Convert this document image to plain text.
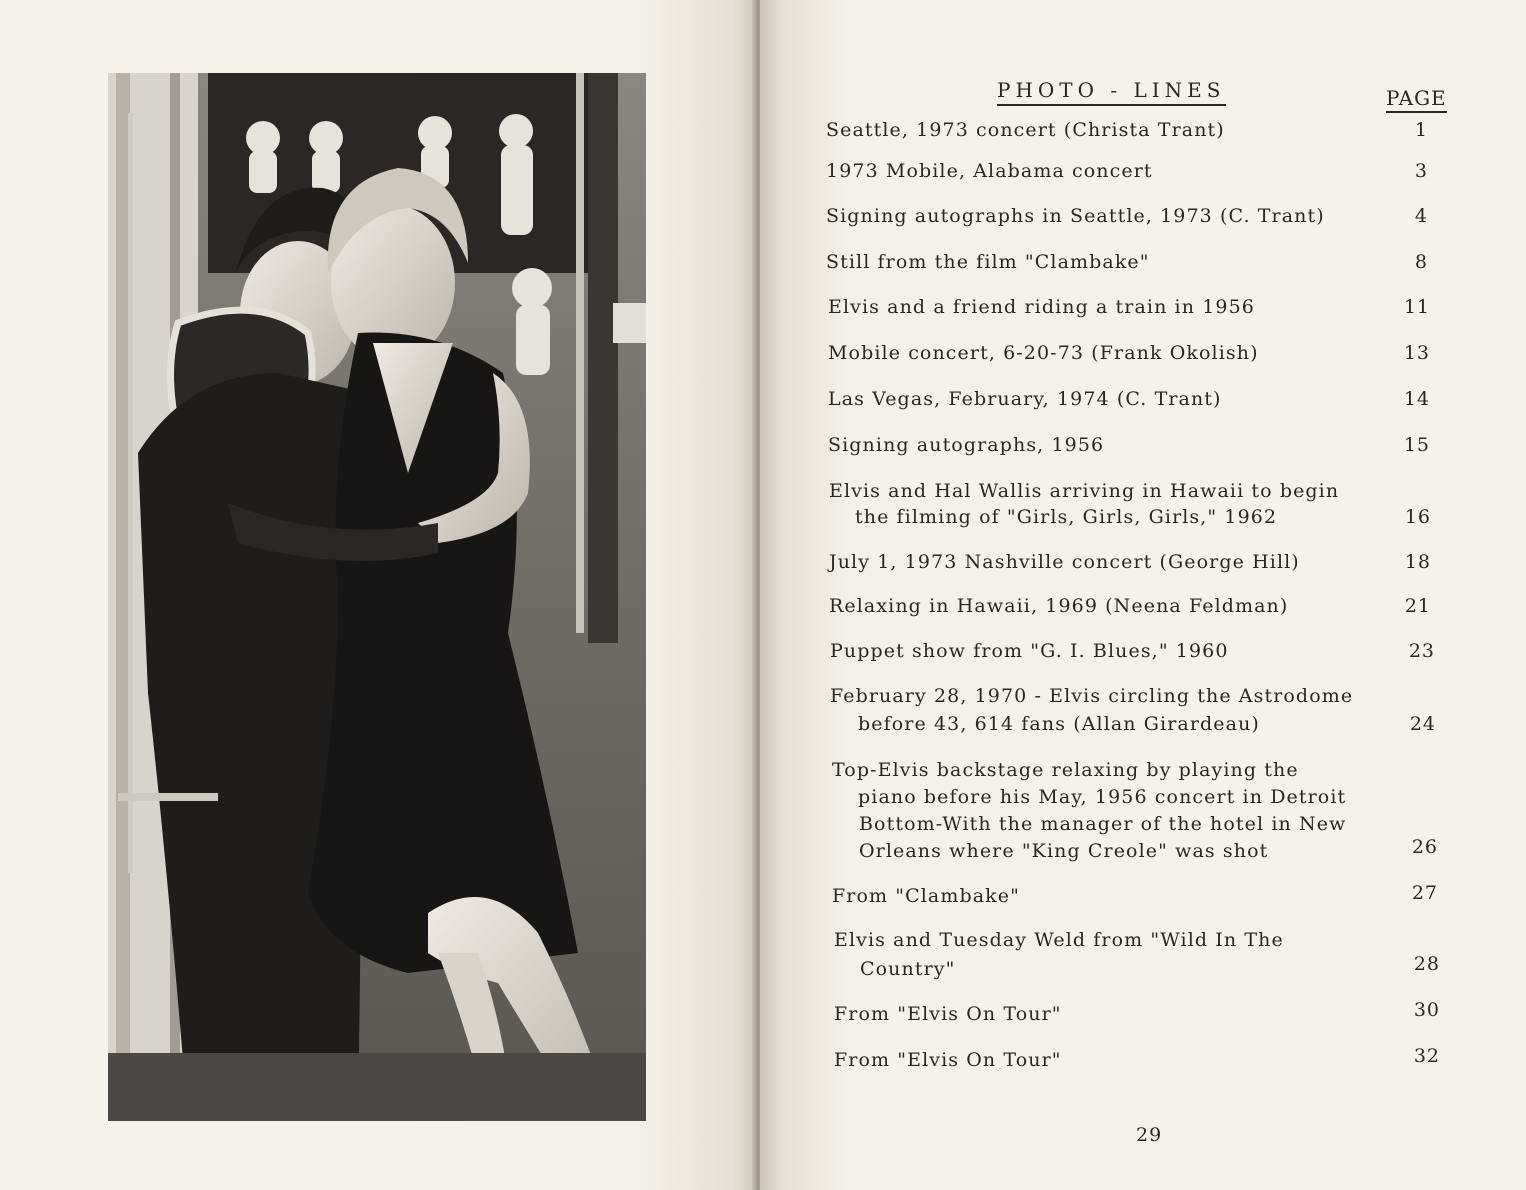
PHOTO - LINES	PAGE
Seattle, 1973 concert (Christa Trant)	1
1973 Mobile, Alabama concert	3
Signing autographs in Seattle, 1973 (C. Trant)	4
Still from the film "Clambake"	8
Elvis and a friend riding a train in 1956	11
Mobile concert, 6-20-73 (Frank Okolish)	13
Las Vegas, February, 1974 (C. Trant)	14
Signing autographs, 1956	15
Elvis and Hal Wallis arriving in Hawaii to begin
the filming of "Girls, Girls, Girls," 1962	16
July 1, 1973 Nashville concert (George Hill)	18
Relaxing in Hawaii, 1969 (Neena Feldman)	21
Puppet show from "G. I. Blues," 1960	23
February 28, 1970 - Elvis circling the Astrodome
before 43, 614 fans (Allan Girardeau)	24
Top-Elvis backstage relaxing by playing the
piano before his May, 1956 concert in Detroit
Bottom-With the manager of the hotel in New
Orleans where "King Creole" was shot	26
From "Clambake"	27
Elvis and Tuesday Weld from "Wild In The
Country"	28
From "Elvis On Tour"	30
From "Elvis On Tour"	32
29
